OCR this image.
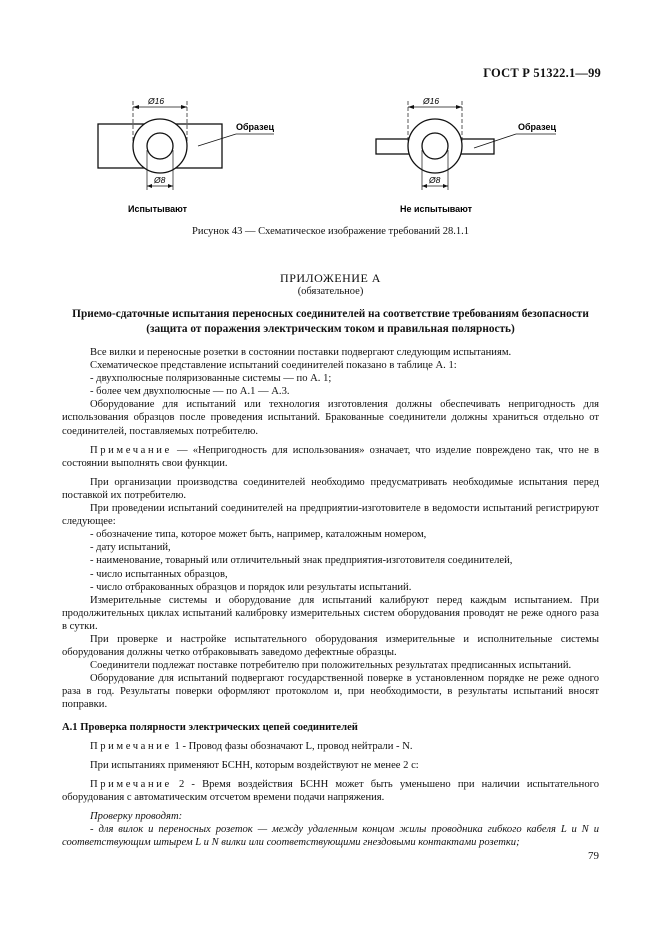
ГОСТ Р 51322.1—99
Ø16
Ø8
Образец
Испытывают
Ø16
Ø8
Образец
Не испытывают
Рисунок 43 — Схематическое изображение требований 28.1.1
ПРИЛОЖЕНИЕ А
(обязательное)
Приемо-сдаточные испытания переносных соединителей на соответствие требованиям безопасности
(защита от поражения электрическим током и правильная полярность)

Все вилки и переносные розетки в состоянии поставки подвергают следующим испытаниям.

Схематическое представление испытаний соединителей показано в таблице А. 1:

- двухполюсные поляризованные системы — по А. 1;

- более чем двухполюсные — по А.1 — А.3.

Оборудование для испытаний или технология изготовления должны обеспечивать непригодность для использования образцов после проведения испытаний. Бракованные соединители должны храниться отдельно от соединителей, поставляемых потребителю.

Примечание — «Непригодность для использования» означает, что изделие повреждено так, что не в состоянии выполнять свои функции.

При организации производства соединителей необходимо предусматривать необходимые испытания перед поставкой их потребителю.

При проведении испытаний соединителей на предприятии-изготовителе в ведомости испытаний регистрируют следующее:

- обозначение типа, которое может быть, например, каталожным номером,

- дату испытаний,

- наименование, товарный или отличительный знак предприятия-изготовителя соединителей,

- число испытанных образцов,

- число отбракованных образцов и порядок или результаты испытаний.

Измерительные системы и оборудование для испытаний калибруют перед каждым испытанием. При продолжительных циклах испытаний калибровку измерительных систем оборудования проводят не реже одного раза в сутки.

При проверке и настройке испытательного оборудования измерительные и исполнительные системы оборудования должны четко отбраковывать заведомо дефектные образцы.

Соединители подлежат поставке потребителю при положительных результатах предписанных испытаний.

Оборудование для испытаний подвергают государственной поверке в установленном порядке не реже одного раза в год. Результаты поверки оформляют протоколом и, при необходимости, в результаты испытаний вносят поправки.

А.1 Проверка полярности электрических цепей соединителей

Примечание 1 - Провод фазы обозначают L, провод нейтрали - N.

При испытаниях применяют БСНН, которым воздействуют не менее 2 с:

Примечание 2 - Время воздействия БСНН может быть уменьшено при наличии испытательного оборудования с автоматическим отсчетом времени подачи напряжения.

Проверку проводят:

- для вилок и переносных розеток — между удаленным концом жилы проводника гибкого кабеля L и N и соответствующим штырем L и N вилки или соответствующими гнездовыми контактами розетки;

79
